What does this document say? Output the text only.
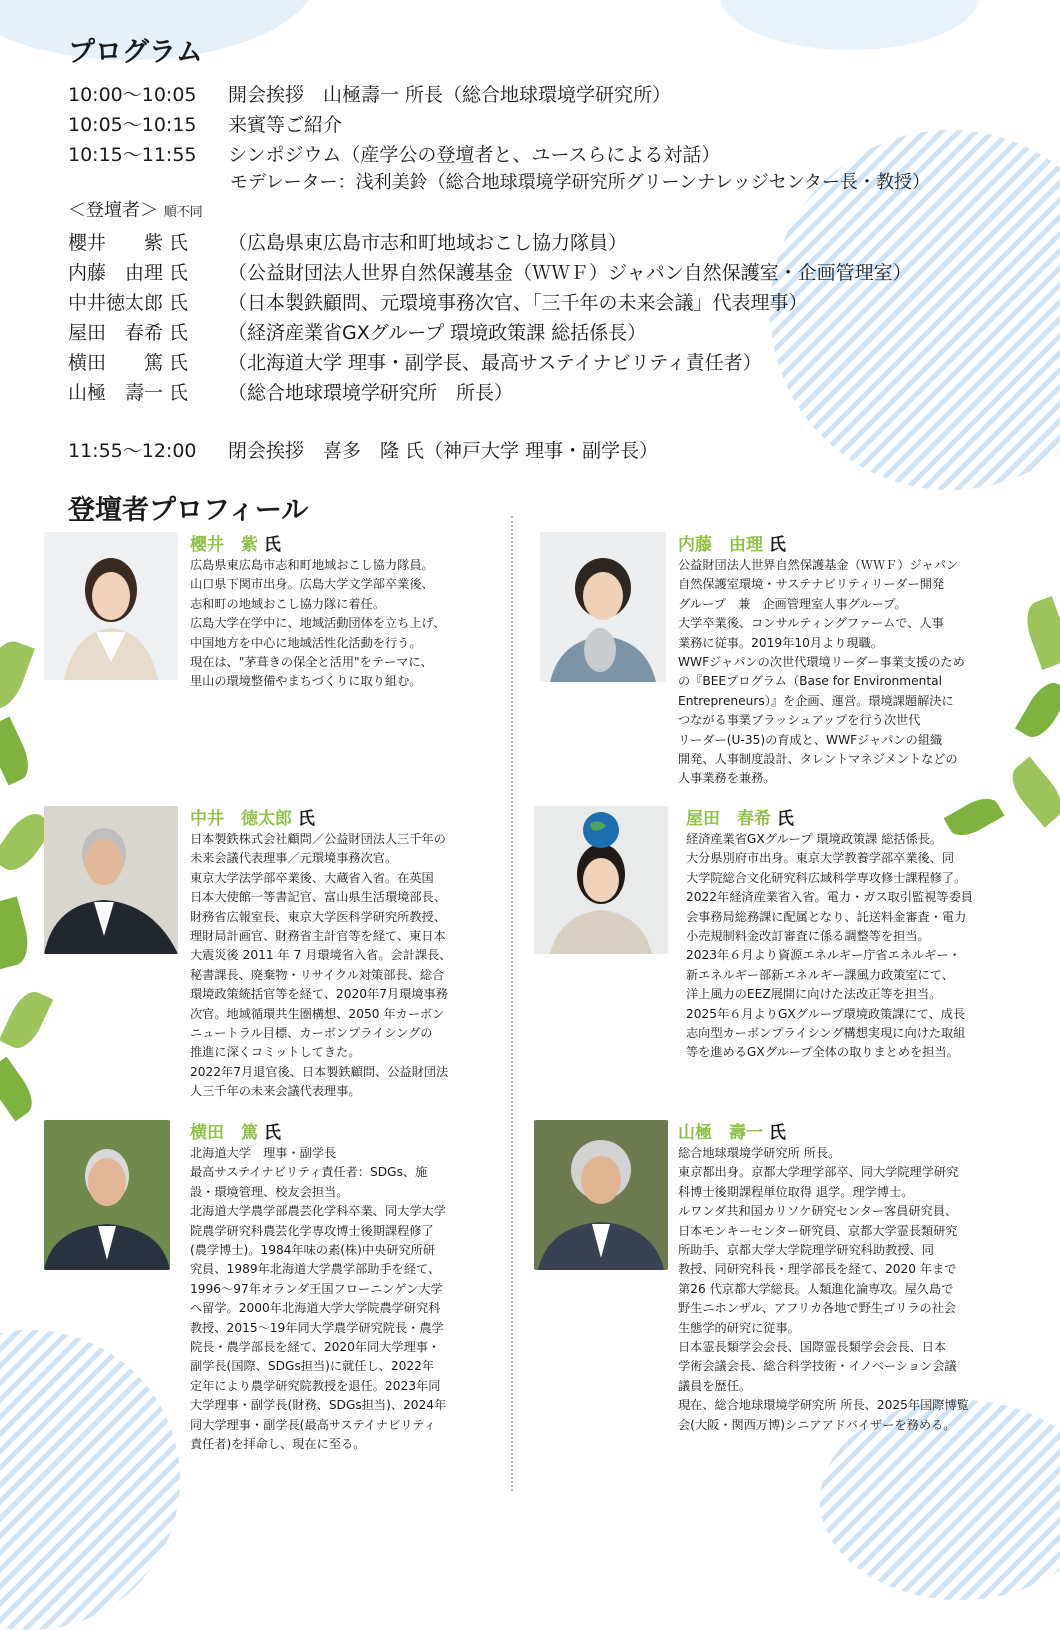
プログラム
10:00〜10:05 開会挨拶　山極壽一 所長（総合地球環境学研究所）
10:05〜10:15 来賓等ご紹介
10:15〜11:55 シンポジウム（産学公の登壇者と、ユースらによる対話）
モデレーター：浅利美鈴（総合地球環境学研究所グリーンナレッジセンター長・教授）
＜登壇者＞ 順不同
櫻井　　紫 氏 （広島県東広島市志和町地域おこし協力隊員）
内藤　由理 氏 （公益財団法人世界自然保護基金（ＷＷＦ）ジャパン自然保護室・企画管理室）
中井徳太郎 氏 （日本製鉄顧問、元環境事務次官、「三千年の未来会議」代表理事）
屋田　春希 氏 （経済産業省GXグループ 環境政策課 総括係長）
横田　　篤 氏 （北海道大学 理事・副学長、最高サステイナビリティ責任者）
山極　壽一 氏 （総合地球環境学研究所　所長）
11:55〜12:00 閉会挨拶　喜多　隆 氏（神戸大学 理事・副学長）
登壇者プロフィール
櫻井　紫 氏
広島県東広島市志和町地域おこし協力隊員。
山口県下関市出身。広島大学文学部卒業後、
志和町の地域おこし協力隊に着任。
広島大学在学中に、地域活動団体を立ち上げ、
中国地方を中心に地域活性化活動を行う。
現在は、"茅葺きの保全と活用"をテーマに、
里山の環境整備やまちづくりに取り組む。
内藤　由理 氏
公益財団法人世界自然保護基金（ＷＷＦ）ジャパン
自然保護室環境・サステナビリティリーダー開発
グループ　兼　企画管理室人事グループ。
大学卒業後、コンサルティングファームで、人事
業務に従事。2019年10月より現職。
WWFジャパンの次世代環境リーダー事業支援のため
の『BEEプログラム（Base for Environmental
Entrepreneurs）』を企画、運営。環境課題解決に
つながる事業ブラッシュアップを行う次世代
リーダー(U-35)の育成と、WWFジャパンの組織
開発、人事制度設計、タレントマネジメントなどの
人事業務を兼務。
中井　徳太郎 氏
日本製鉄株式会社顧問／公益財団法人三千年の
未来会議代表理事／元環境事務次官。
東京大学法学部卒業後、大蔵省入省。在英国
日本大使館一等書記官、富山県生活環境部長、
財務省広報室長、東京大学医科学研究所教授、
理財局計画官、財務省主計官等を経て、東日本
大震災後 2011 年 7 月環境省入省。会計課長、
秘書課長、廃棄物・リサイクル対策部長、総合
環境政策統括官等を経て、2020年7月環境事務
次官。地域循環共生圏構想、2050 年カーボン
ニュートラル目標、カーボンプライシングの
推進に深くコミットしてきた。
2022年7月退官後、日本製鉄顧問、公益財団法
人三千年の未来会議代表理事。
屋田　春希 氏
経済産業省GXグループ 環境政策課 総括係長。
大分県別府市出身。東京大学教養学部卒業後、同
大学院総合文化研究科広域科学専攻修士課程修了。
2022年経済産業省入省。電力・ガス取引監視等委員
会事務局総務課に配属となり、託送料金審査・電力
小売規制料金改訂審査に係る調整等を担当。
2023年６月より資源エネルギー庁省エネルギー・
新エネルギー部新エネルギー課風力政策室にて、
洋上風力のEEZ展開に向けた法改正等を担当。
2025年６月よりGXグループ環境政策課にて、成長
志向型カーボンプライシング構想実現に向けた取組
等を進めるGXグループ全体の取りまとめを担当。
横田　篤 氏
北海道大学　理事・副学長
最高サステイナビリティ責任者：SDGs、施
設・環境管理、校友会担当。
北海道大学農学部農芸化学科卒業、同大学大学
院農学研究科農芸化学専攻博士後期課程修了
(農学博士)。1984年味の素(株)中央研究所研
究員、1989年北海道大学農学部助手を経て、
1996〜97年オランダ王国フローニンゲン大学
へ留学。2000年北海道大学大学院農学研究科
教授、2015〜19年同大学農学研究院長・農学
院長・農学部長を経て、2020年同大学理事・
副学長(国際、SDGs担当)に就任し、2022年
定年により農学研究院教授を退任。2023年同
大学理事・副学長(財務、SDGs担当)、2024年
同大学理事・副学長(最高サステイナビリティ
責任者)を拝命し、現在に至る。
山極　壽一 氏
総合地球環境学研究所 所長。
東京都出身。京都大学理学部卒、同大学院理学研究
科博士後期課程単位取得 退学。理学博士。
ルワンダ共和国カリソケ研究センター客員研究員、
日本モンキーセンター研究員、京都大学霊長類研究
所助手、京都大学大学院理学研究科助教授、同
教授、同研究科長・理学部長を経て、2020 年まで
第26 代京都大学総長。人類進化論専攻。屋久島で
野生ニホンザル、アフリカ各地で野生ゴリラの社会
生態学的研究に従事。
日本霊長類学会会長、国際霊長類学会会長、日本
学術会議会長、総合科学技術・イノベーション会議
議員を歴任。
現在、総合地球環境学研究所 所長、2025年国際博覧
会(大阪・関西万博)シニアアドバイザーを務める。
